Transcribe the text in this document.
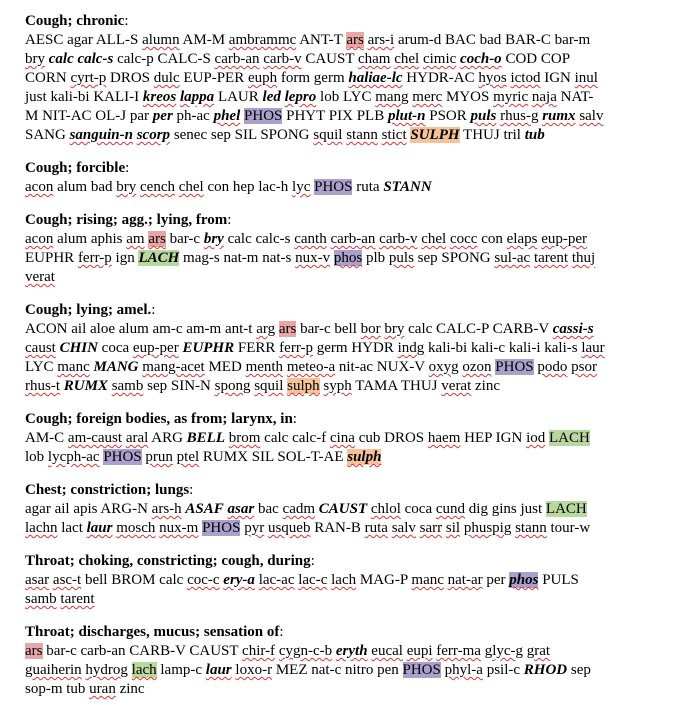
Cough; chronic:
AESC agar ALL-S alumn AM-M ambrammc ANT-T ars ars-i arum-d BAC bad BAR-C bar-m
bry calc calc-s calc-p CALC-S carb-an carb-v CAUST cham chel cimic coch-o COD COP
CORN cyrt-p DROS dulc EUP-PER euph form germ haliae-lc HYDR-AC hyos ictod IGN inul
just kali-bi KALI-I kreos lappa LAUR led lepro lob LYC mang merc MYOS myric naja NAT-
M NIT-AC OL-J par per ph-ac phel PHOS PHYT PIX PLB plut-n PSOR puls rhus-g rumx salv
SANG sanguin-n scorp senec sep SIL SPONG squil stann stict SULPH THUJ tril tub
Cough; forcible:
acon alum bad bry cench chel con hep lac-h lyc PHOS ruta STANN
Cough; rising; agg.; lying, from:
acon alum aphis am ars bar-c bry calc calc-s canth carb-an carb-v chel cocc con elaps eup-per
EUPHR ferr-p ign LACH mag-s nat-m nat-s nux-v phos plb puls sep SPONG sul-ac tarent thuj
verat
Cough; lying; amel.:
ACON ail aloe alum am-c am-m ant-t arg ars bar-c bell bor bry calc CALC-P CARB-V cassi-s
caust CHIN coca eup-per EUPHR FERR ferr-p germ HYDR indg kali-bi kali-c kali-i kali-s laur
LYC manc MANG mang-acet MED menth meteo-a nit-ac NUX-V oxyg ozon PHOS podo psor
rhus-t RUMX samb sep SIN-N spong squil sulph syph TAMA THUJ verat zinc
Cough; foreign bodies, as from; larynx, in:
AM-C am-caust aral ARG BELL brom calc calc-f cina cub DROS haem HEP IGN iod LACH
lob lycph-ac PHOS prun ptel RUMX SIL SOL-T-AE sulph
Chest; constriction; lungs:
agar ail apis ARG-N ars-h ASAF asar bac cadm CAUST chlol coca cund dig gins just LACH
lachn lact laur mosch nux-m PHOS pyr usqueb RAN-B ruta salv sarr sil phuspig stann tour-w
Throat; choking, constricting; cough, during:
asar asc-t bell BROM calc coc-c ery-a lac-ac lac-c lach MAG-P manc nat-ar per phos PULS
samb tarent
Throat; discharges, mucus; sensation of:
ars bar-c carb-an CARB-V CAUST chir-f cygn-c-b eryth eucal eupi ferr-ma glyc-g grat
guaiherin hydrog lach lamp-c laur loxo-r MEZ nat-c nitro pen PHOS phyl-a psil-c RHOD sep
sop-m tub uran zinc
